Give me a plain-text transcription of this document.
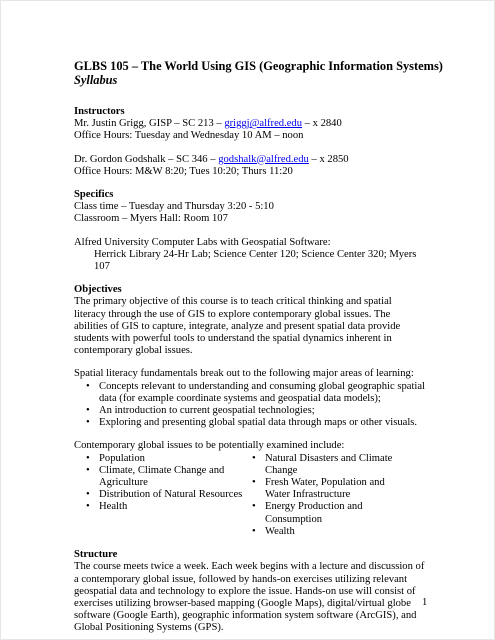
GLBS 105 – The World Using GIS (Geographic Information Systems)

Syllabus

Instructors

Mr. Justin Grigg, GISP – SC 213 – griggj@alfred.edu – x 2840

Office Hours: Tuesday and Wednesday 10 AM – noon

Dr. Gordon Godshalk – SC 346 – godshalk@alfred.edu – x 2850

Office Hours: M&W 8:20; Tues 10:20; Thurs 11:20

Specifics

Class time – Tuesday and Thursday 3:20 - 5:10

Classroom – Myers Hall: Room 107

Alfred University Computer Labs with Geospatial Software:

Herrick Library 24-Hr Lab; Science Center 120; Science Center 320; Myers 107

Objectives

The primary objective of this course is to teach critical thinking and spatial literacy through the use of GIS to explore contemporary global issues. The abilities of GIS to capture, integrate, analyze and present spatial data provide students with powerful tools to understand the spatial dynamics inherent in contemporary global issues.

Spatial literacy fundamentals break out to the following major areas of learning:

• Concepts relevant to understanding and consuming global geographic spatial data (for example coordinate systems and geospatial data models);
• An introduction to current geospatial technologies;
• Exploring and presenting global spatial data through maps or other visuals.

Contemporary global issues to be potentially examined include:

• Population
• Climate, Climate Change and Agriculture
• Distribution of Natural Resources
• Health
• Natural Disasters and Climate Change
• Fresh Water, Population and Water Infrastructure
• Energy Production and Consumption
• Wealth

Structure

The course meets twice a week. Each week begins with a lecture and discussion of a contemporary global issue, followed by hands-on exercises utilizing relevant geospatial data and technology to explore the issue. Hands-on use will consist of exercises utilizing browser-based mapping (Google Maps), digital/virtual globe software (Google Earth), geographic information system software (ArcGIS), and Global Positioning Systems (GPS).

1
